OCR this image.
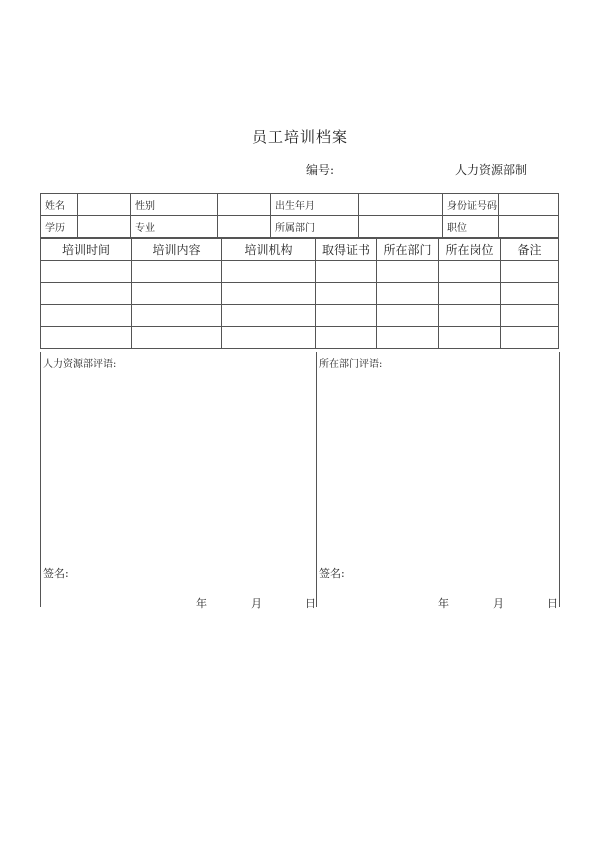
员工培训档案
编号:	人力资源部制
姓名		性别		出生年月		身份证号码	
学历		专业		所属部门		职位	
培训时间	培训内容	培训机构	取得证书	所在部门	所在岗位	备注

人力资源部评语:
签名:
年	月	日
所在部门评语:
签名:
年	月	日
